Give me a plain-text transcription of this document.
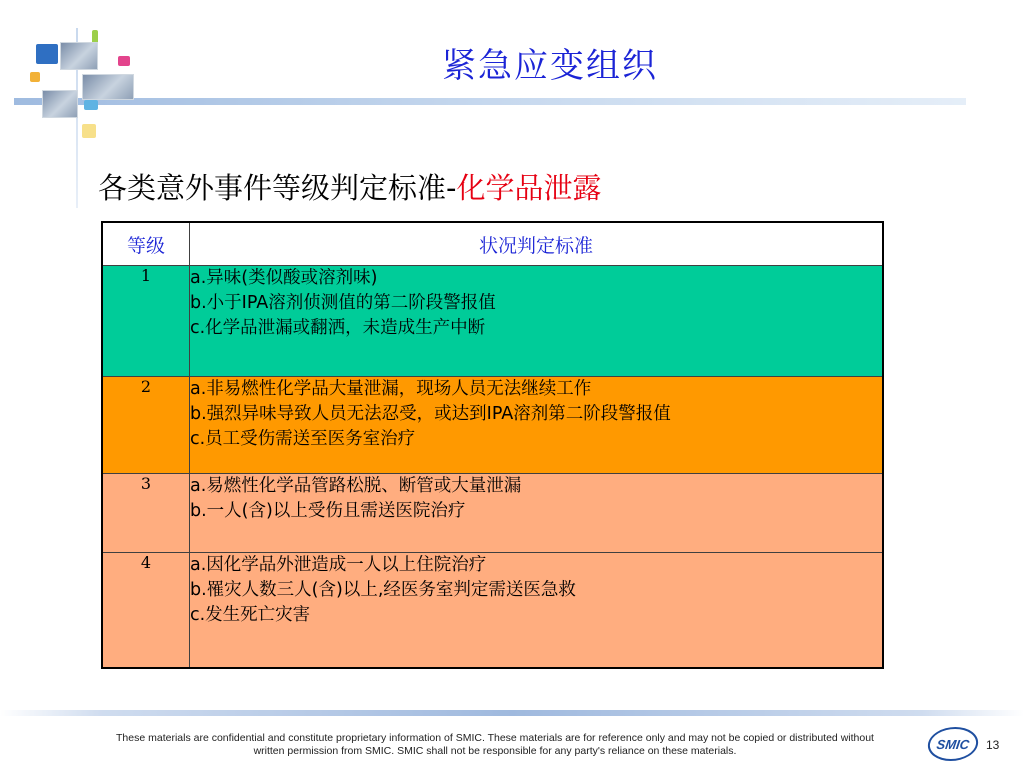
紧急应变组织
各类意外事件等级判定标准-化学品泄露
等级	状况判定标准
1	a.异味(类似酸或溶剂味)
b.小于IPA溶剂侦测值的第二阶段警报值
c.化学品泄漏或翻洒，未造成生产中断

2	a.非易燃性化学品大量泄漏，现场人员无法继续工作
b.强烈异味导致人员无法忍受，或达到IPA溶剂第二阶段警报值
c.员工受伤需送至医务室治疗

3	a.易燃性化学品管路松脱、断管或大量泄漏
b.一人(含)以上受伤且需送医院治疗

4	a.因化学品外泄造成一人以上住院治疗
b.罹灾人数三人(含)以上,经医务室判定需送医急救
c.发生死亡灾害
These materials are confidential and constitute proprietary information of SMIC. These materials are for reference only and may not be copied or distributed without
written permission from SMIC. SMIC shall not be responsible for any party's reliance on these materials.	SMIC	13
